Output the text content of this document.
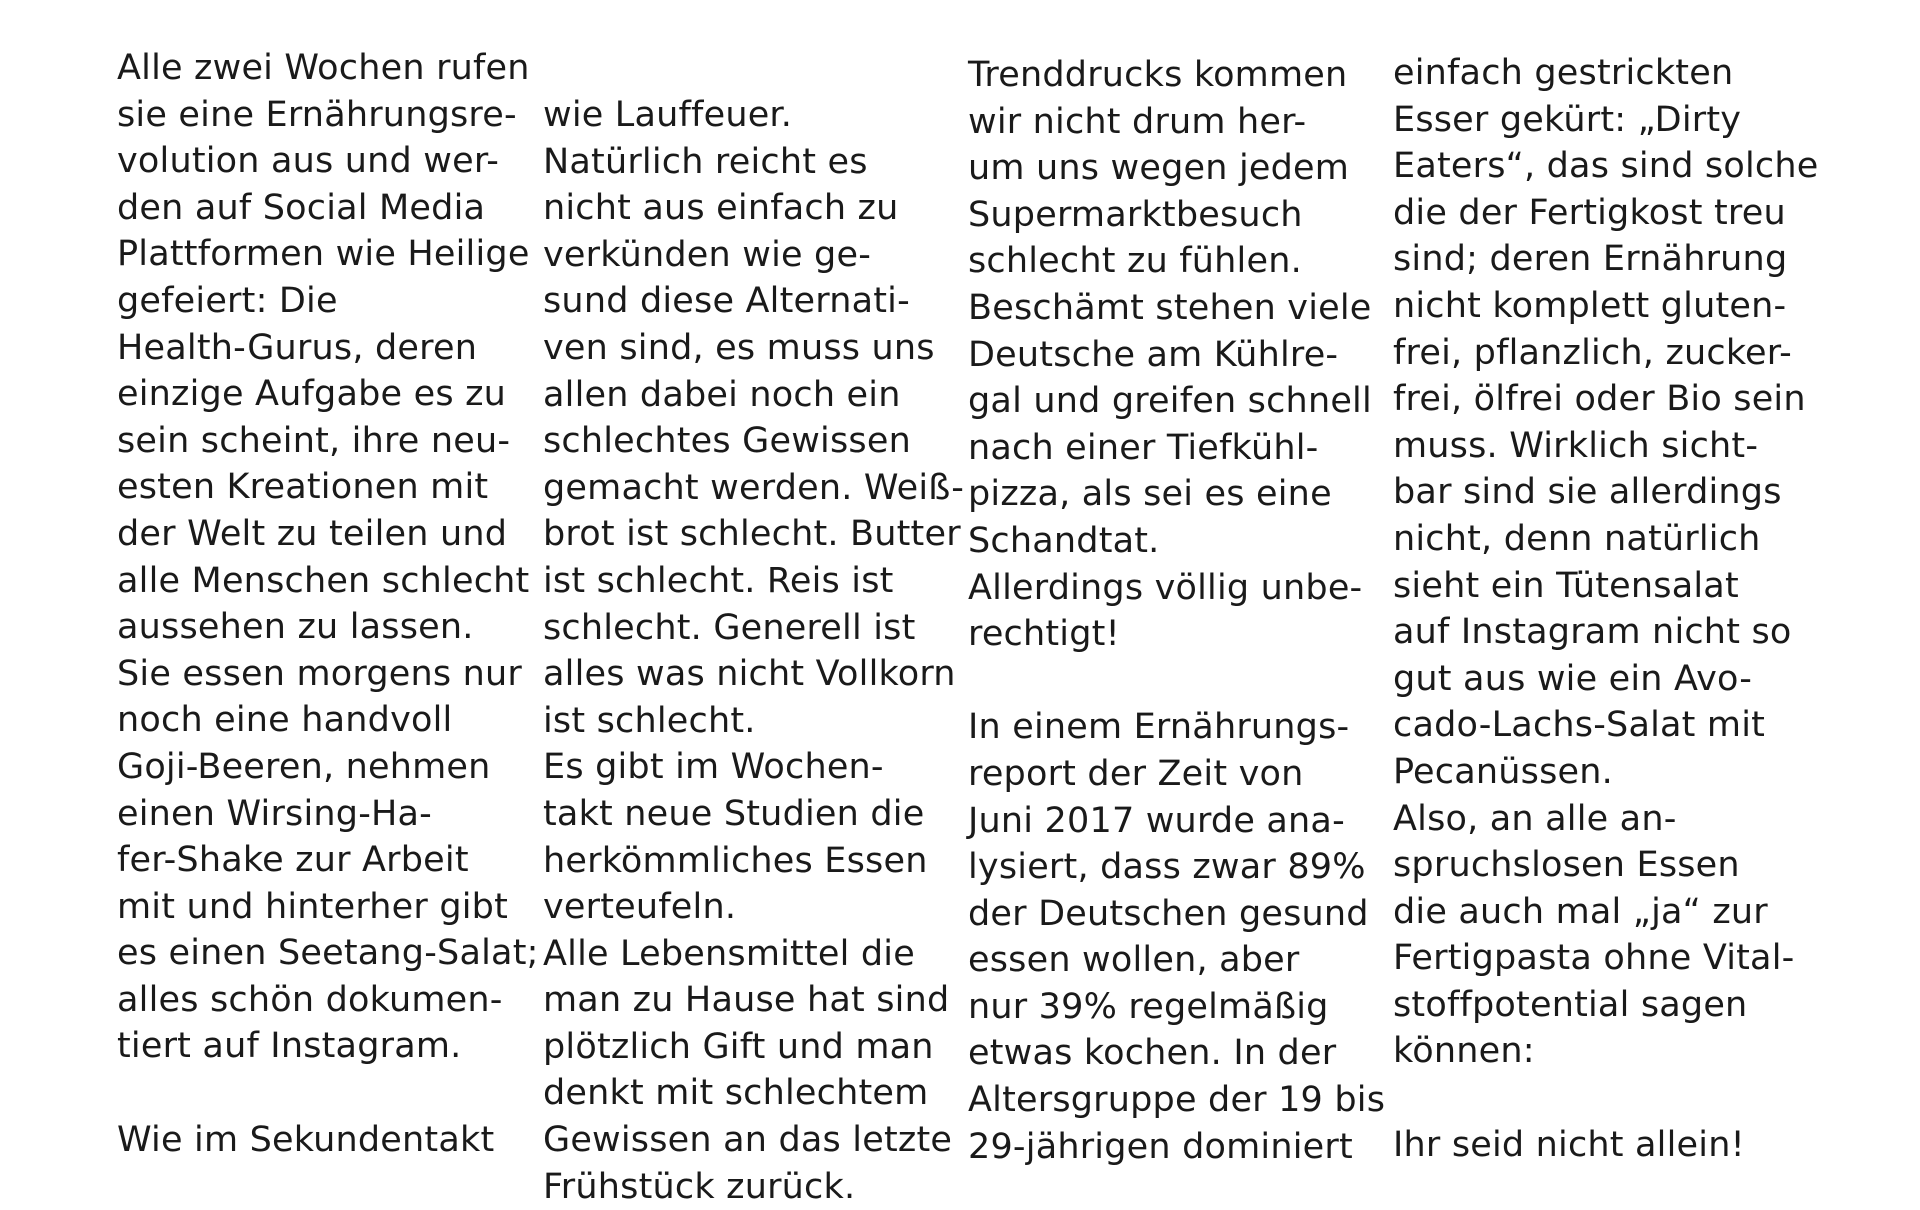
Alle zwei Wochen rufen
sie eine Ernährungsre-
volution aus und wer-
den auf Social Media
Plattformen wie Heilige
gefeiert: Die
Health-Gurus, deren
einzige Aufgabe es zu
sein scheint, ihre neu-
esten Kreationen mit
der Welt zu teilen und
alle Menschen schlecht
aussehen zu lassen.
Sie essen morgens nur
noch eine handvoll
Goji-Beeren, nehmen
einen Wirsing-Ha-
fer-Shake zur Arbeit
mit und hinterher gibt
es einen Seetang-Salat;
alles schön dokumen-
tiert auf Instagram.
Wie im Sekundentakt
wie Lauffeuer.
Natürlich reicht es
nicht aus einfach zu
verkünden wie ge-
sund diese Alternati-
ven sind, es muss uns
allen dabei noch ein
schlechtes Gewissen
gemacht werden. Weiß-
brot ist schlecht. Butter
ist schlecht. Reis ist
schlecht. Generell ist
alles was nicht Vollkorn
ist schlecht.
Es gibt im Wochen-
takt neue Studien die
herkömmliches Essen
verteufeln.
Alle Lebensmittel die
man zu Hause hat sind
plötzlich Gift und man
denkt mit schlechtem
Gewissen an das letzte
Frühstück zurück.
Trenddrucks kommen
wir nicht drum her-
um uns wegen jedem
Supermarktbesuch
schlecht zu fühlen.
Beschämt stehen viele
Deutsche am Kühlre-
gal und greifen schnell
nach einer Tiefkühl-
pizza, als sei es eine
Schandtat.
Allerdings völlig unbe-
rechtigt!
In einem Ernährungs-
report der Zeit von
Juni 2017 wurde ana-
lysiert, dass zwar 89%
der Deutschen gesund
essen wollen, aber
nur 39% regelmäßig
etwas kochen. In der
Altersgruppe der 19 bis
29-jährigen dominiert
einfach gestrickten
Esser gekürt: „Dirty
Eaters“, das sind solche
die der Fertigkost treu
sind; deren Ernährung
nicht komplett gluten-
frei, pflanzlich, zucker-
frei, ölfrei oder Bio sein
muss. Wirklich sicht-
bar sind sie allerdings
nicht, denn natürlich
sieht ein Tütensalat
auf Instagram nicht so
gut aus wie ein Avo-
cado-Lachs-Salat mit
Pecanüssen.
Also, an alle an-
spruchslosen Essen
die auch mal „ja“ zur
Fertigpasta ohne Vital-
stoffpotential sagen
können:
Ihr seid nicht allein!
